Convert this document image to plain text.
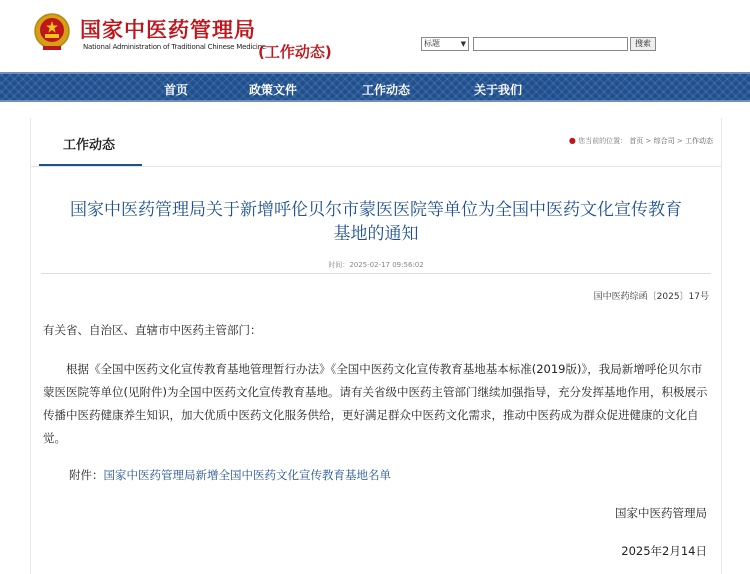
国家中医药管理局
National Administration of Traditional Chinese Medicine
(工作动态)	标题	▼	搜索
首页	政策文件	工作动态	关于我们
工作动态	● 您当前的位置： 首页 > 综合司 > 工作动态
国家中医药管理局关于新增呼伦贝尔市蒙医医院等单位为全国中医药文化宣传教育
基地的通知
时间：2025-02-17 09:56:02
国中医药综函〔2025〕17号
有关省、自治区、直辖市中医药主管部门：
根据《全国中医药文化宣传教育基地管理暂行办法》《全国中医药文化宣传教育基地基本标准(2019版)》，我局新增呼伦贝尔市蒙医医院等单位(见附件)为全国中医药文化宣传教育基地。请有关省级中医药主管部门继续加强指导，充分发挥基地作用，积极展示传播中医药健康养生知识，加大优质中医药文化服务供给，更好满足群众中医药文化需求，推动中医药成为群众促进健康的文化自觉。
附件：国家中医药管理局新增全国中医药文化宣传教育基地名单
国家中医药管理局
2025年2月14日
